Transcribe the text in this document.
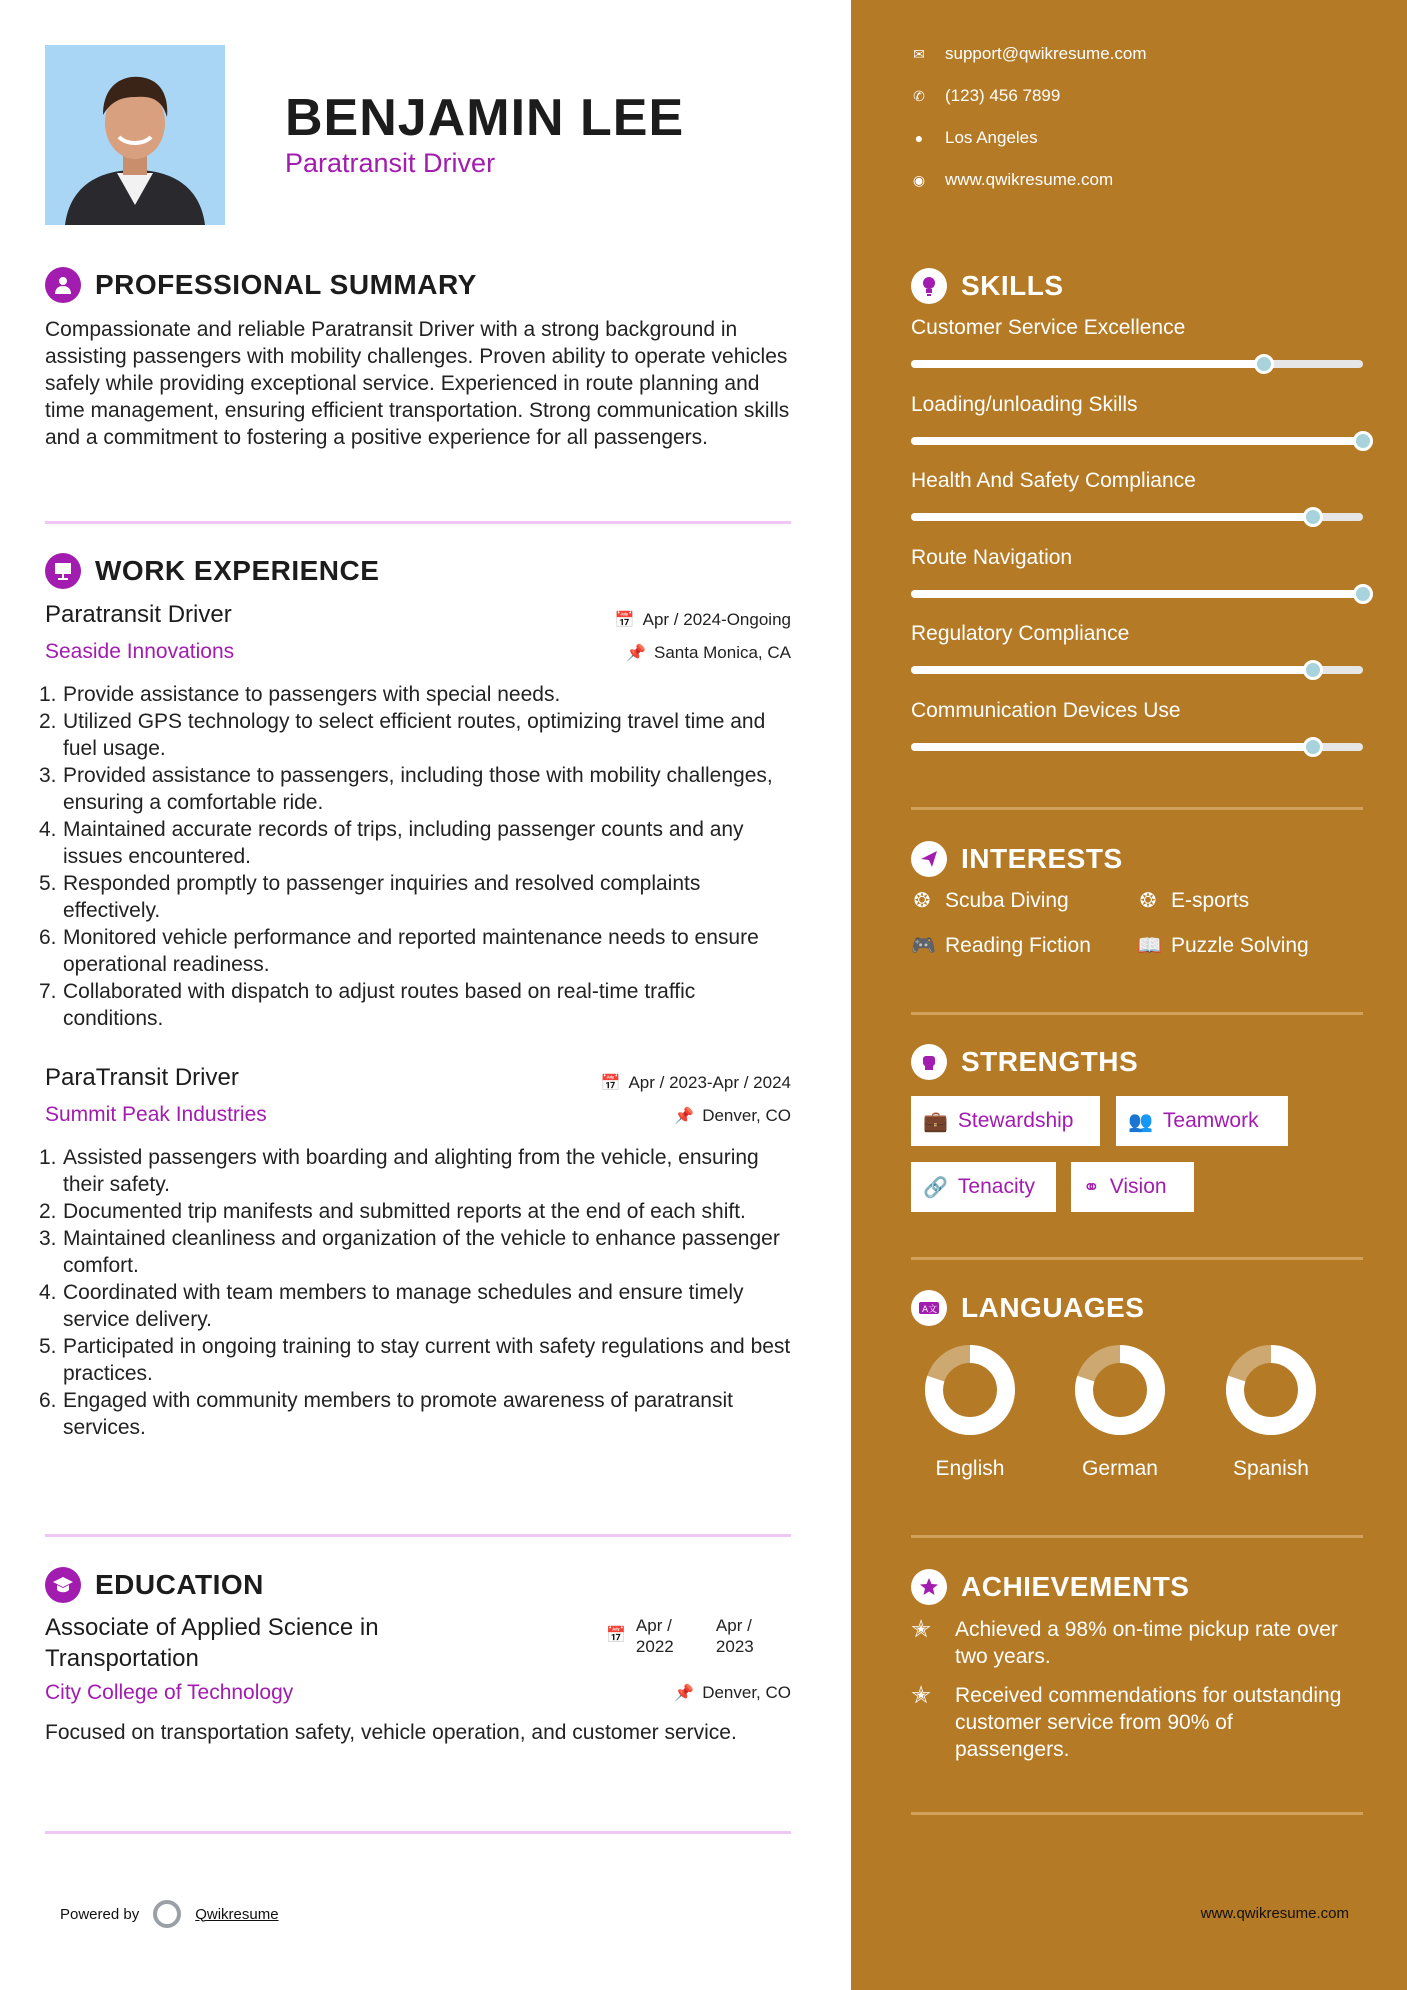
BENJAMIN LEE
Paratransit Driver
PROFESSIONAL SUMMARY
Compassionate and reliable Paratransit Driver with a strong background in assisting passengers with mobility challenges. Proven ability to operate vehicles safely while providing exceptional service. Experienced in route planning and time management, ensuring efficient transportation. Strong communication skills and a commitment to fostering a positive experience for all passengers.
WORK EXPERIENCE
Paratransit Driver
Seaside Innovations
📅 Apr / 2024-Ongoing
📌 Santa Monica, CA
1. Provide assistance to passengers with special needs.
2. Utilized GPS technology to select efficient routes, optimizing travel time and fuel usage.
3. Provided assistance to passengers, including those with mobility challenges, ensuring a comfortable ride.
4. Maintained accurate records of trips, including passenger counts and any issues encountered.
5. Responded promptly to passenger inquiries and resolved complaints effectively.
6. Monitored vehicle performance and reported maintenance needs to ensure operational readiness.
7. Collaborated with dispatch to adjust routes based on real-time traffic conditions.
ParaTransit Driver
Summit Peak Industries
📅 Apr / 2023-Apr / 2024
📌 Denver, CO
1. Assisted passengers with boarding and alighting from the vehicle, ensuring their safety.
2. Documented trip manifests and submitted reports at the end of each shift.
3. Maintained cleanliness and organization of the vehicle to enhance passenger comfort.
4. Coordinated with team members to manage schedules and ensure timely service delivery.
5. Participated in ongoing training to stay current with safety regulations and best practices.
6. Engaged with community members to promote awareness of paratransit services.
EDUCATION
Associate of Applied Science in Transportation
City College of Technology
📅
Apr / 2022
Apr / 2023
📌 Denver, CO
Focused on transportation safety, vehicle operation, and customer service.
Powered by	Qwikresume
✉ support@qwikresume.com
✆ (123) 456 7899
● Los Angeles
◉ www.qwikresume.com
SKILLS
Customer Service Excellence
Loading/unloading Skills
Health And Safety Compliance
Route Navigation
Regulatory Compliance
Communication Devices Use
INTERESTS
❂ Scuba Diving	❂ E-sports
🎮 Reading Fiction 📖 Puzzle Solving
STRENGTHS
💼 Stewardship	👥 Teamwork
🔗 Tenacity ⚭ Vision
A文 LANGUAGES
English	German	Spanish
ACHIEVEMENTS
✭	Achieved a 98% on-time pickup rate over two years.
✭	Received commendations for outstanding customer service from 90% of passengers.
www.qwikresume.com
